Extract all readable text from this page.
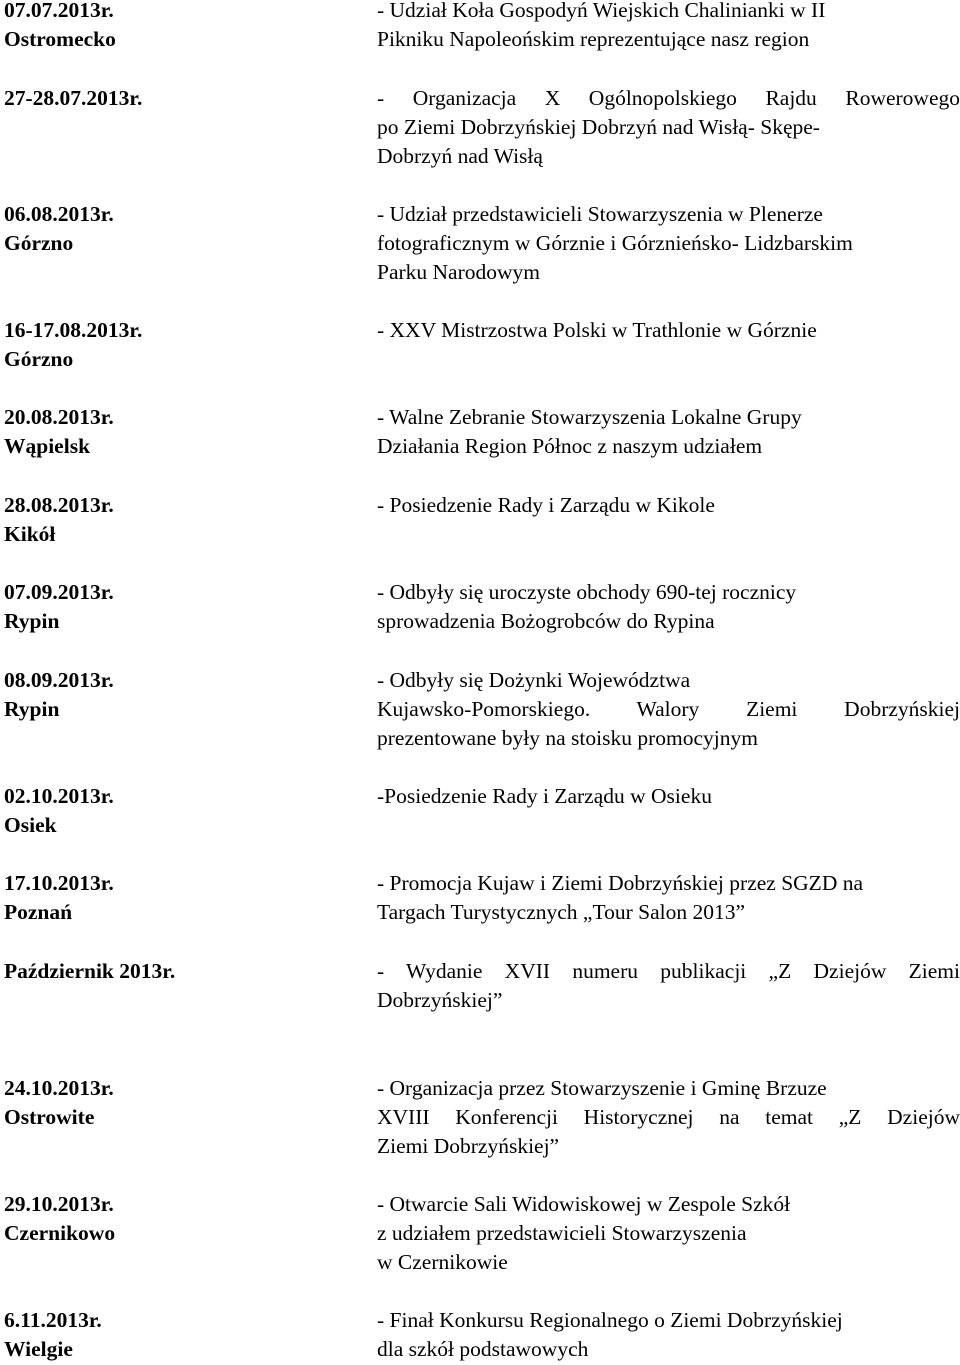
07.07.2013r.
Ostromecko
- Udział Koła Gospodyń Wiejskich Chalinianki w II
Pikniku Napoleońskim reprezentujące nasz region
27-28.07.2013r.	- Organizacja X Ogólnopolskiego Rajdu Rowerowego
po Ziemi Dobrzyńskiej Dobrzyń nad Wisłą- Skępe-
Dobrzyń nad Wisłą
06.08.2013r.
Górzno
- Udział przedstawicieli Stowarzyszenia w Plenerze
fotograficznym w Górznie i Górznieńsko- Lidzbarskim
Parku Narodowym
16-17.08.2013r.
Górzno
- XXV Mistrzostwa Polski w Trathlonie w Górznie
20.08.2013r.
Wąpielsk
- Walne Zebranie Stowarzyszenia Lokalne Grupy
Działania Region Północ z naszym udziałem
28.08.2013r.
Kikół
- Posiedzenie Rady i Zarządu w Kikole
07.09.2013r.
Rypin
- Odbyły się uroczyste obchody 690-tej rocznicy
sprowadzenia Bożogrobców do Rypina
08.09.2013r.
Rypin
- Odbyły się Dożynki Województwa
Kujawsko-Pomorskiego. Walory Ziemi Dobrzyńskiej
prezentowane były na stoisku promocyjnym
02.10.2013r.
Osiek
-Posiedzenie Rady i Zarządu w Osieku
17.10.2013r.
Poznań
- Promocja Kujaw i Ziemi Dobrzyńskiej przez SGZD na
Targach Turystycznych „Tour Salon 2013”
Październik 2013r.	- Wydanie XVII numeru publikacji „Z Dziejów Ziemi
Dobrzyńskiej”
24.10.2013r.
Ostrowite
- Organizacja przez Stowarzyszenie i Gminę Brzuze
XVIII Konferencji Historycznej na temat „Z Dziejów
Ziemi Dobrzyńskiej”
29.10.2013r.
Czernikowo
- Otwarcie Sali Widowiskowej w Zespole Szkół
z udziałem przedstawicieli Stowarzyszenia
w Czernikowie
6.11.2013r.
Wielgie
- Finał Konkursu Regionalnego o Ziemi Dobrzyńskiej
dla szkół podstawowych
